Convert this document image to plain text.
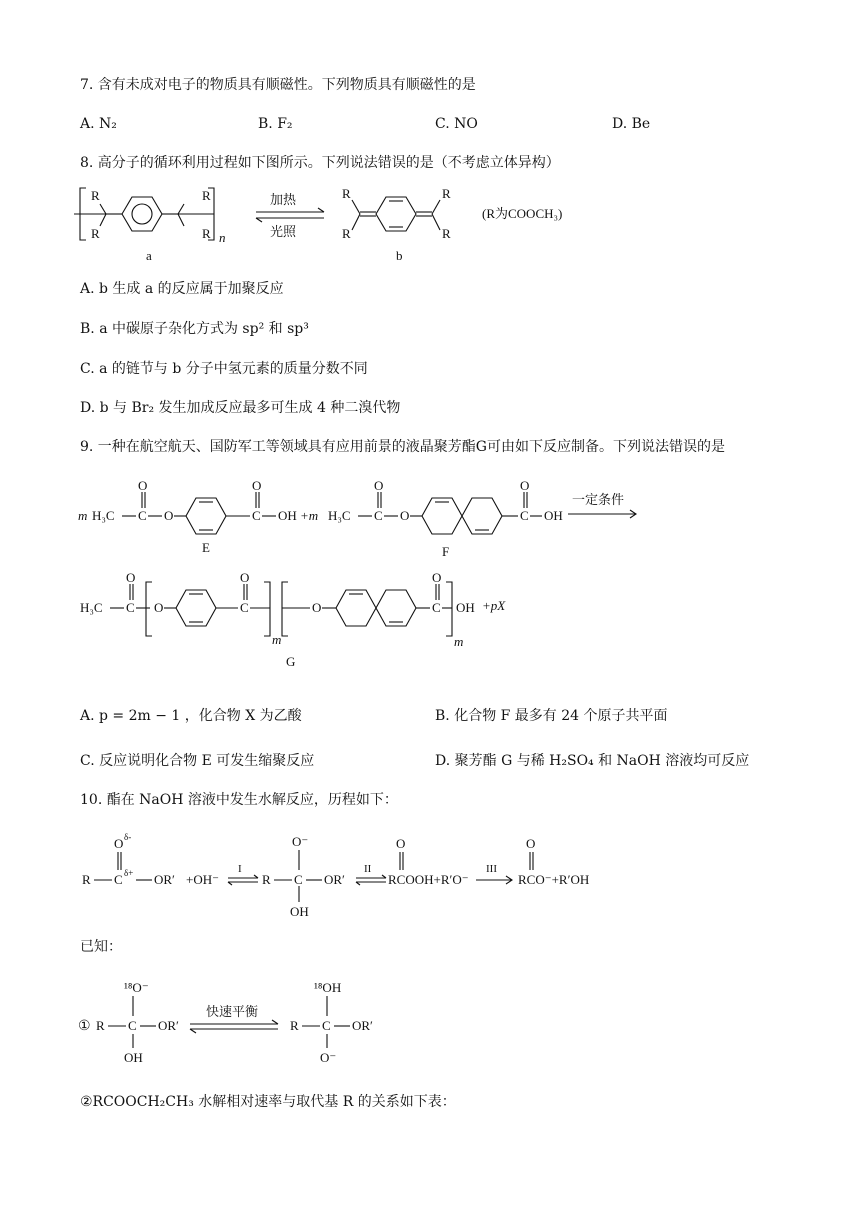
7. 含有未成对电子的物质具有顺磁性。下列物质具有顺磁性的是
A. N₂	B. F₂	C. NO	D. Be
8. 高分子的循环利用过程如下图所示。下列说法错误的是（不考虑立体异构）
R
R
R
R n
a
加热
光照
R
R
R
R
b
(R为COOCH₃)
A. b 生成 a 的反应属于加聚反应
B. a 中碳原子杂化方式为 sp² 和 sp³
C. a 的链节与 b 分子中氢元素的质量分数不同
D. b 与 Br₂ 发生加成反应最多可生成 4 种二溴代物
9. 一种在航空航天、国防军工等领域具有应用前景的液晶聚芳酯G可由如下反应制备。下列说法错误的是
m H₃C C
O
O	C
O
OH +m
E
H₃C C
O
O	C
O
OH
F
一定条件
H₃C C
O
O	C
O
m
O	C
O
OH
m
+pX
G
A. p = 2m − 1 ，化合物 X 为乙酸	B. 化合物 F 最多有 24 个原子共平面
C. 反应说明化合物 E 可发生缩聚反应	D. 聚芳酯 G 与稀 H₂SO₄ 和 NaOH 溶液均可反应
10. 酯在 NaOH 溶液中发生水解反应，历程如下：
R C δ+
O δ-
OR′ +OH⁻
I
R C
O⁻
OH
OR′
II
O
RCOOH+R′O⁻
III
O
RCO⁻+R′OH
已知：
① R C
¹⁸O⁻
OH
OR′
快速平衡
R C
¹⁸OH
O⁻
OR′
②RCOOCH₂CH₃ 水解相对速率与取代基 R 的关系如下表：
